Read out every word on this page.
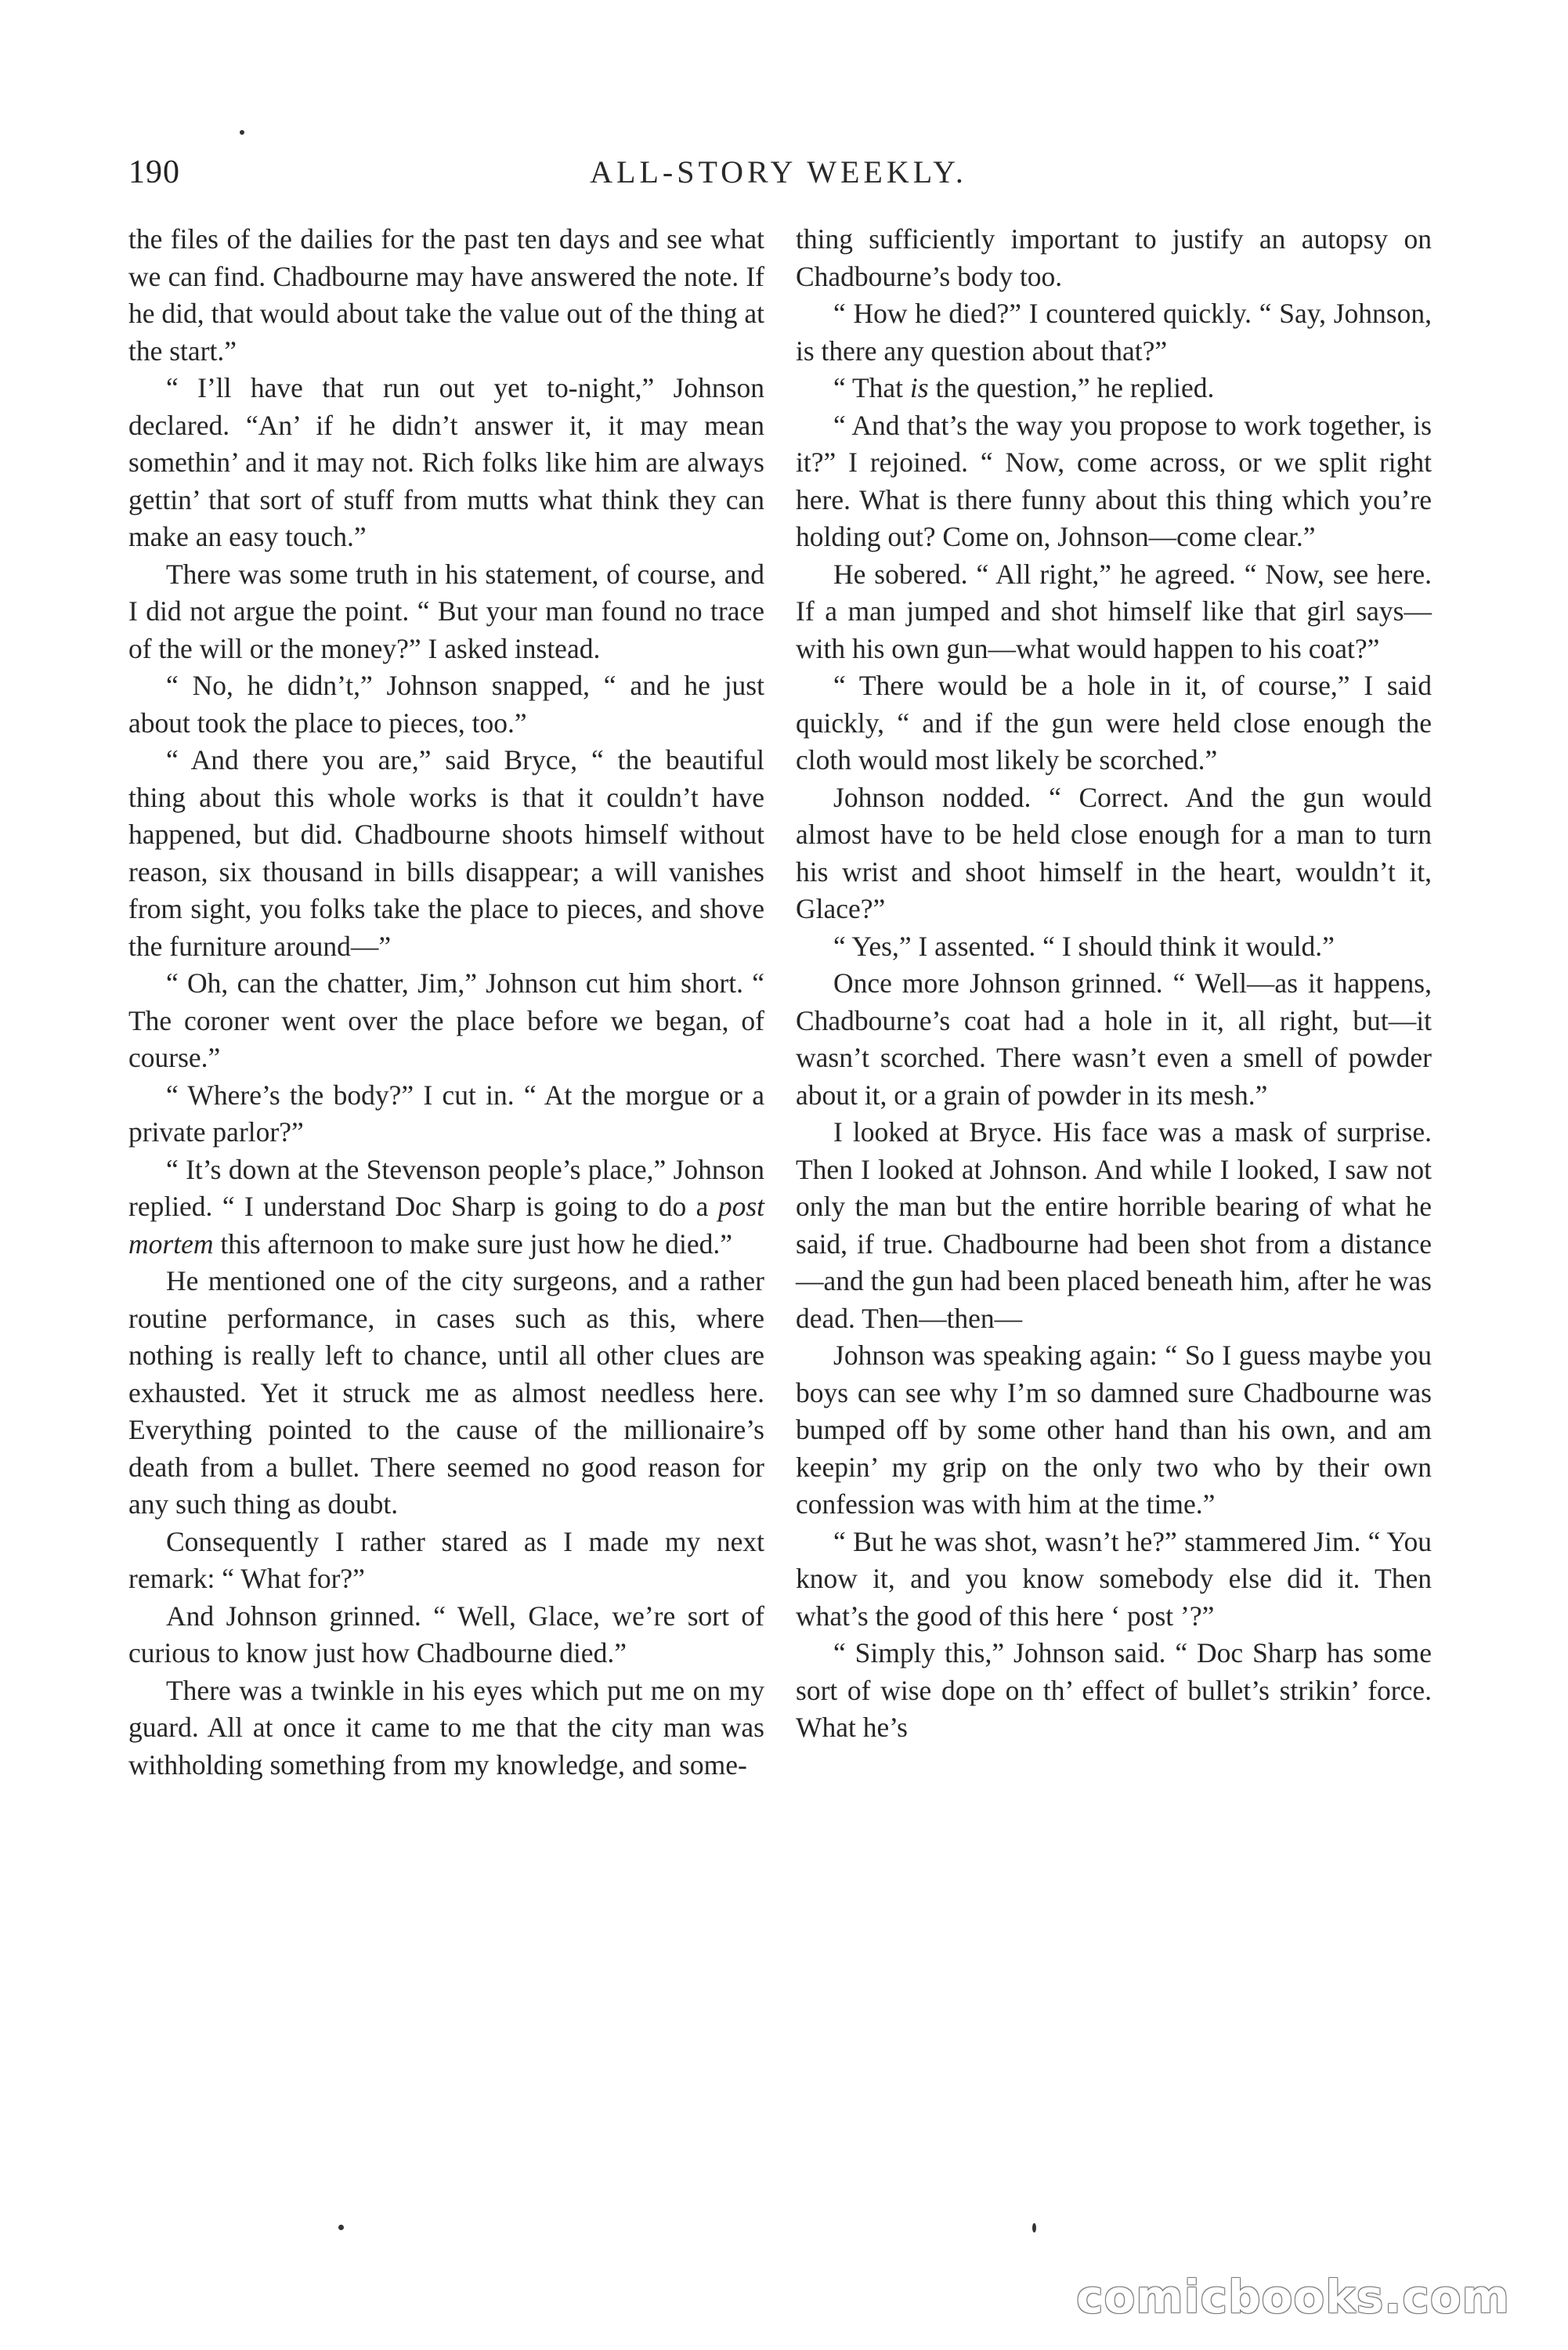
190	ALL-STORY WEEKLY.

the files of the dailies for the past ten days and see what we can find. Chadbourne may have answered the note. If he did, that would about take the value out of the thing at the start.”

“ I’ll have that run out yet to-night,” Johnson declared. “An’ if he didn’t answer it, it may mean somethin’ and it may not. Rich folks like him are always gettin’ that sort of stuff from mutts what think they can make an easy touch.”

There was some truth in his statement, of course, and I did not argue the point. “ But your man found no trace of the will or the money?” I asked instead.

“ No, he didn’t,” Johnson snapped, “ and he just about took the place to pieces, too.”

“ And there you are,” said Bryce, “ the beautiful thing about this whole works is that it couldn’t have happened, but did. Chadbourne shoots himself without reason, six thousand in bills disappear; a will vanishes from sight, you folks take the place to pieces, and shove the furniture around—”

“ Oh, can the chatter, Jim,” Johnson cut him short. “ The coroner went over the place before we began, of course.”

“ Where’s the body?” I cut in. “ At the morgue or a private parlor?”

“ It’s down at the Stevenson people’s place,” Johnson replied. “ I understand Doc Sharp is going to do a post mortem this afternoon to make sure just how he died.”

He mentioned one of the city surgeons, and a rather routine performance, in cases such as this, where nothing is really left to chance, until all other clues are exhausted. Yet it struck me as almost needless here. Everything pointed to the cause of the millionaire’s death from a bullet. There seemed no good reason for any such thing as doubt.

Consequently I rather stared as I made my next remark: “ What for?”

And Johnson grinned. “ Well, Glace, we’re sort of curious to know just how Chadbourne died.”

There was a twinkle in his eyes which put me on my guard. All at once it came to me that the city man was withholding something from my knowledge, and some-

thing sufficiently important to justify an autopsy on Chadbourne’s body too.

“ How he died?” I countered quickly. “ Say, Johnson, is there any question about that?”

“ That is the question,” he replied.

“ And that’s the way you propose to work together, is it?” I rejoined. “ Now, come across, or we split right here. What is there funny about this thing which you’re holding out? Come on, Johnson—come clear.”

He sobered. “ All right,” he agreed. “ Now, see here. If a man jumped and shot himself like that girl says—with his own gun—what would happen to his coat?”

“ There would be a hole in it, of course,” I said quickly, “ and if the gun were held close enough the cloth would most likely be scorched.”

Johnson nodded. “ Correct. And the gun would almost have to be held close enough for a man to turn his wrist and shoot himself in the heart, wouldn’t it, Glace?”

“ Yes,” I assented. “ I should think it would.”

Once more Johnson grinned. “ Well—as it happens, Chadbourne’s coat had a hole in it, all right, but—it wasn’t scorched. There wasn’t even a smell of powder about it, or a grain of powder in its mesh.”

I looked at Bryce. His face was a mask of surprise. Then I looked at Johnson. And while I looked, I saw not only the man but the entire horrible bearing of what he said, if true. Chadbourne had been shot from a distance—and the gun had been placed beneath him, after he was dead. Then—then—

Johnson was speaking again: “ So I guess maybe you boys can see why I’m so damned sure Chadbourne was bumped off by some other hand than his own, and am keepin’ my grip on the only two who by their own confession was with him at the time.”

“ But he was shot, wasn’t he?” stammered Jim. “ You know it, and you know somebody else did it. Then what’s the good of this here ‘ post ’?”

“ Simply this,” Johnson said. “ Doc Sharp has some sort of wise dope on th’ effect of bullet’s strikin’ force. What he’s

comicbooks.com
